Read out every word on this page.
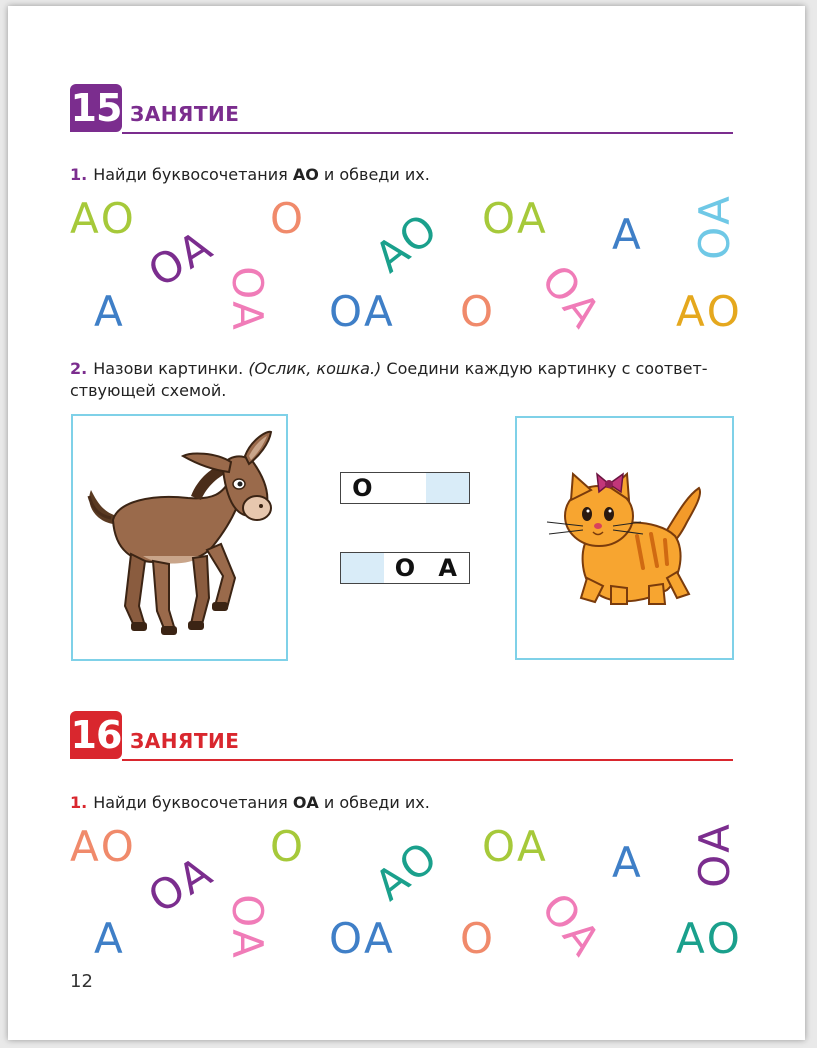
15 ЗАНЯТИЕ
1. Найди буквосочетания АО и обведи их.
АО	О
ОА	А
ОА	ОА
АО
ОА
А	ОА О ОА АО
2. Назови картинки. (Ослик, кошка.) Соедини каждую картинку с соответ-
ствующей схемой.
О
О А
16 ЗАНЯТИЕ
1. Найди буквосочетания ОА и обведи их.
АО	О
ОА	А
ОА	ОА
АО
ОА
А	ОА О ОА АО
12
